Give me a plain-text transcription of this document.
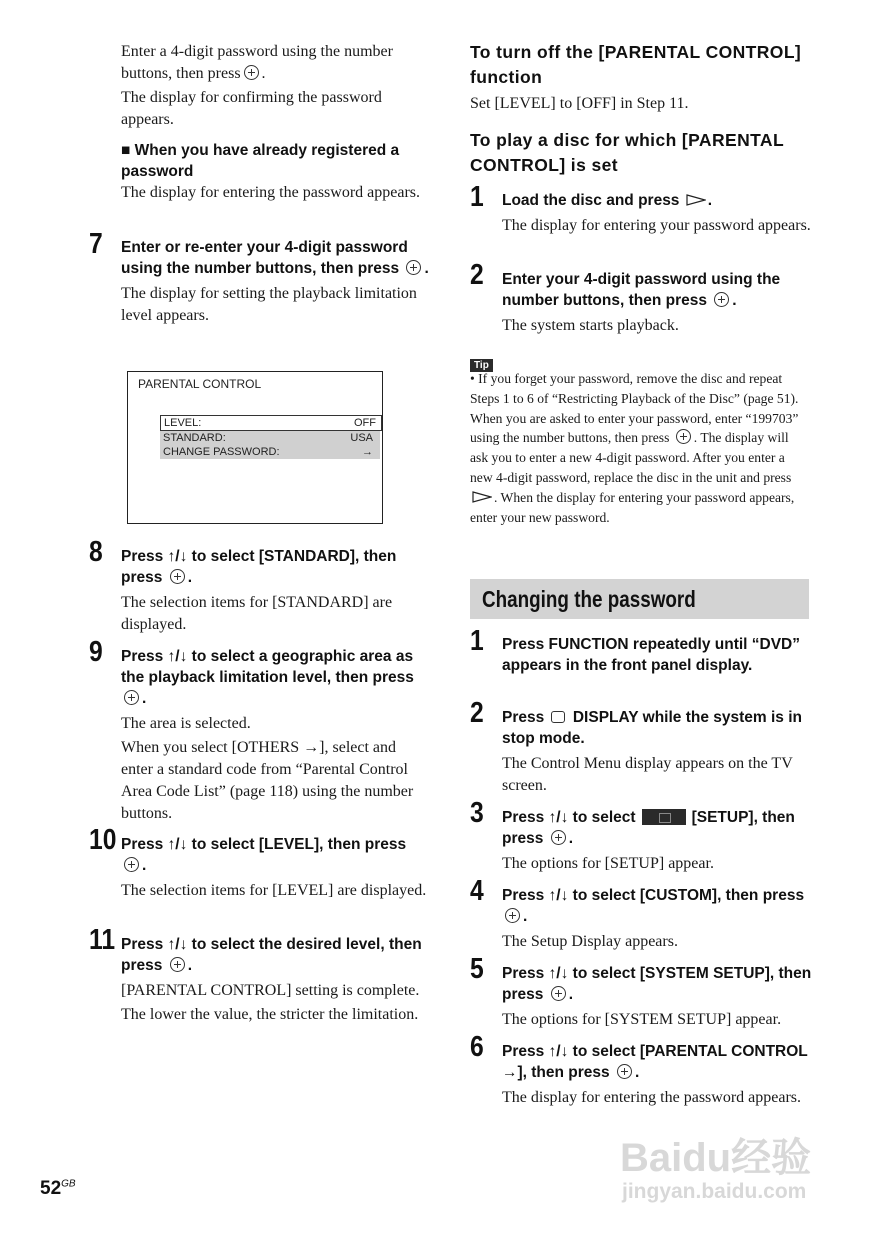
Enter a 4-digit password using the number buttons, then press .

The display for confirming the password appears.

■ When you have already registered a password

The display for entering the password appears.

7 Enter or re-enter your 4-digit password using the number buttons, then press .

The display for setting the playback limitation level appears.

PARENTAL CONTROL
LEVEL:	OFF
STANDARD:	USA
CHANGE PASSWORD:	→
8 Press ↑/↓ to select [STANDARD], then press .

The selection items for [STANDARD] are displayed.

9 Press ↑/↓ to select a geographic area as the playback limitation level, then press .

The area is selected.

When you select [OTHERS →], select and enter a standard code from “Parental Control Area Code List” (page 118) using the number buttons.

10 Press ↑/↓ to select [LEVEL], then press .

The selection items for [LEVEL] are displayed.

11 Press ↑/↓ to select the desired level, then press .

[PARENTAL CONTROL] setting is complete.

The lower the value, the stricter the limitation.

To turn off the [PARENTAL CONTROL] function

Set [LEVEL] to [OFF] in Step 11.

To play a disc for which [PARENTAL CONTROL] is set

1 Load the disc and press .

The display for entering your password appears.

2 Enter your 4-digit password using the number buttons, then press .

The system starts playback.

Tip
• If you forget your password, remove the disc and repeat Steps 1 to 6 of “Restricting Playback of the Disc” (page 51). When you are asked to enter your password, enter “199703” using the number buttons, then press . The display will ask you to enter a new 4-digit password. After you enter a new 4-digit password, replace the disc in the unit and press . When the display for entering your password appears, enter your new password.
Changing the password
1 Press FUNCTION repeatedly until “DVD” appears in the front panel display.

2 Press DISPLAY while the system is in stop mode.

The Control Menu display appears on the TV screen.

3 Press ↑/↓ to select	[SETUP], then press .

The options for [SETUP] appear.

4 Press ↑/↓ to select [CUSTOM], then press .

The Setup Display appears.

5 Press ↑/↓ to select [SYSTEM SETUP], then press .

The options for [SYSTEM SETUP] appear.

6 Press ↑/↓ to select [PARENTAL CONTROL →], then press .

The display for entering the password appears.

$52^{GB}$
Baidu经验
jingyan.baidu.com
